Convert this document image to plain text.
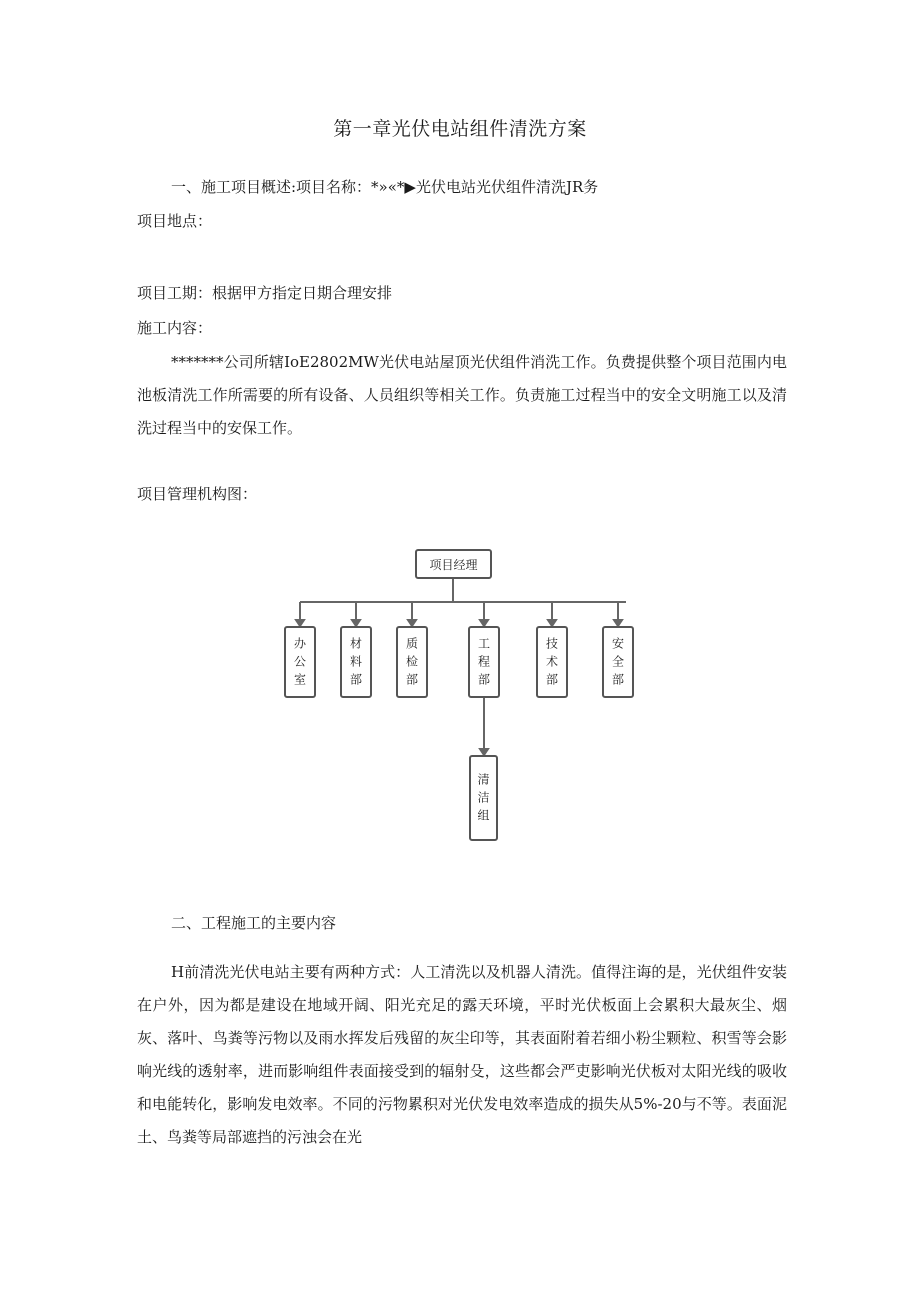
第一章光伏电站组件清洗方案
一、施工项目概述:项目名称：*»«*▶光伏电站光伏组件清洗JR务
项目地点：
项目工期：根据甲方指定日期合理安排
施工内容：

*******公司所辖IoE2802MW光伏电站屋顶光伏组件消洗工作。负费提供整个项目范围内电池板清洗工作所需要的所有设备、人员组织等相关工作。负责施工过程当中的安全文明施工以及清洗过程当中的安保工作。

项目管理机构图：
项目经理
办公室	材料部	质检部	工程部	技术部	安全部
清洁组
二、工程施工的主要内容

H前清洗光伏电站主要有两种方式：人工清洗以及机器人清洗。值得注诲的是，光伏组件安装在户外，因为都是建设在地域开阔、阳光充足的露天环境，平时光伏板面上会累积大最灰尘、烟灰、落叶、鸟粪等污物以及雨水挥发后残留的灰尘印等，其表面附着若细小粉尘颗粒、积雪等会影响光线的透射率，进而影响组件表面接受到的辐射殳，这些都会严吏影响光伏板对太阳光线的吸收和电能转化，影响发电效率。不同的污物累积对光伏发电效率造成的损失从5%-20与不等。表面泥土、鸟粪等局部遮挡的污浊会在光
